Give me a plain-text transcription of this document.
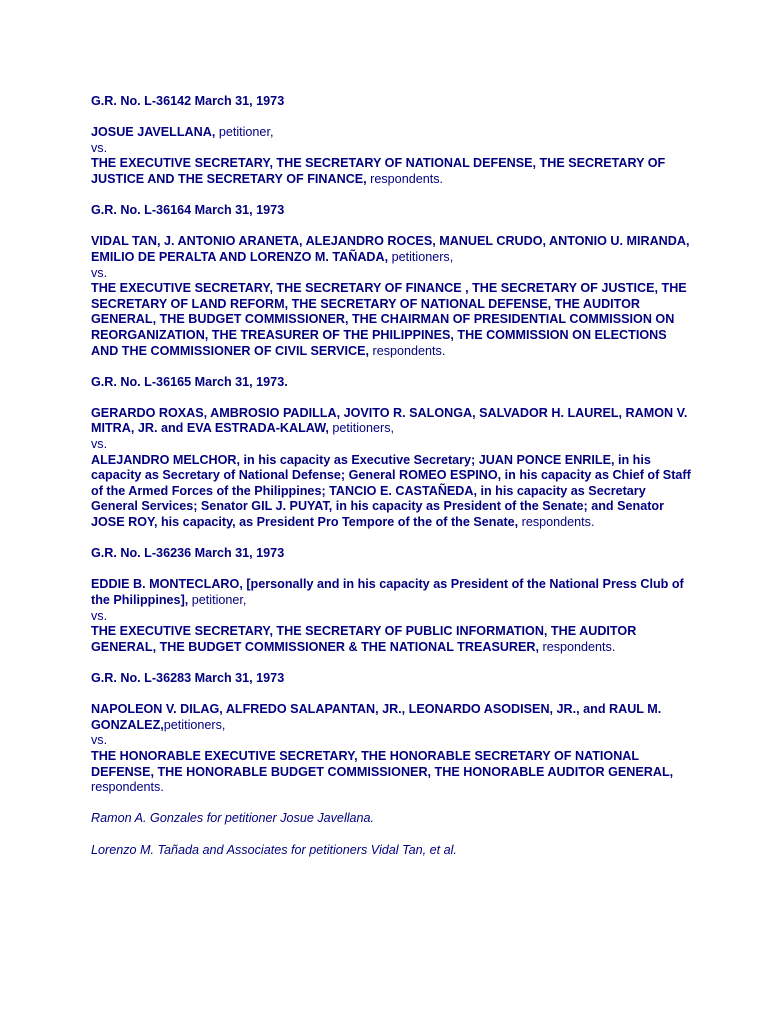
G.R. No. L-36142 March 31, 1973
JOSUE JAVELLANA, petitioner,
vs.
THE EXECUTIVE SECRETARY, THE SECRETARY OF NATIONAL DEFENSE, THE SECRETARY OF JUSTICE AND THE SECRETARY OF FINANCE, respondents.
G.R. No. L-36164 March 31, 1973
VIDAL TAN, J. ANTONIO ARANETA, ALEJANDRO ROCES, MANUEL CRUDO, ANTONIO U. MIRANDA, EMILIO DE PERALTA AND LORENZO M. TAÑADA, petitioners,
vs.
THE EXECUTIVE SECRETARY, THE SECRETARY OF FINANCE , THE SECRETARY OF JUSTICE, THE SECRETARY OF LAND REFORM, THE SECRETARY OF NATIONAL DEFENSE, THE AUDITOR GENERAL, THE BUDGET COMMISSIONER, THE CHAIRMAN OF PRESIDENTIAL COMMISSION ON REORGANIZATION, THE TREASURER OF THE PHILIPPINES, THE COMMISSION ON ELECTIONS AND THE COMMISSIONER OF CIVIL SERVICE, respondents.
G.R. No. L-36165 March 31, 1973.
GERARDO ROXAS, AMBROSIO PADILLA, JOVITO R. SALONGA, SALVADOR H. LAUREL, RAMON V. MITRA, JR. and EVA ESTRADA-KALAW, petitioners,
vs.
ALEJANDRO MELCHOR, in his capacity as Executive Secretary; JUAN PONCE ENRILE, in his capacity as Secretary of National Defense; General ROMEO ESPINO, in his capacity as Chief of Staff of the Armed Forces of the Philippines; TANCIO E. CASTAÑEDA, in his capacity as Secretary General Services; Senator GIL J. PUYAT, in his capacity as President of the Senate; and Senator JOSE ROY, his capacity, as President Pro Tempore of the of the Senate, respondents.
G.R. No. L-36236 March 31, 1973
EDDIE B. MONTECLARO, [personally and in his capacity as President of the National Press Club of the Philippines], petitioner,
vs.
THE EXECUTIVE SECRETARY, THE SECRETARY OF PUBLIC INFORMATION, THE AUDITOR GENERAL, THE BUDGET COMMISSIONER & THE NATIONAL TREASURER, respondents.
G.R. No. L-36283 March 31, 1973
NAPOLEON V. DILAG, ALFREDO SALAPANTAN, JR., LEONARDO ASODISEN, JR., and RAUL M. GONZALEZ,petitioners,
vs.
THE HONORABLE EXECUTIVE SECRETARY, THE HONORABLE SECRETARY OF NATIONAL DEFENSE, THE HONORABLE BUDGET COMMISSIONER, THE HONORABLE AUDITOR GENERAL, respondents.
Ramon A. Gonzales for petitioner Josue Javellana.
Lorenzo M. Tañada and Associates for petitioners Vidal Tan, et al.
